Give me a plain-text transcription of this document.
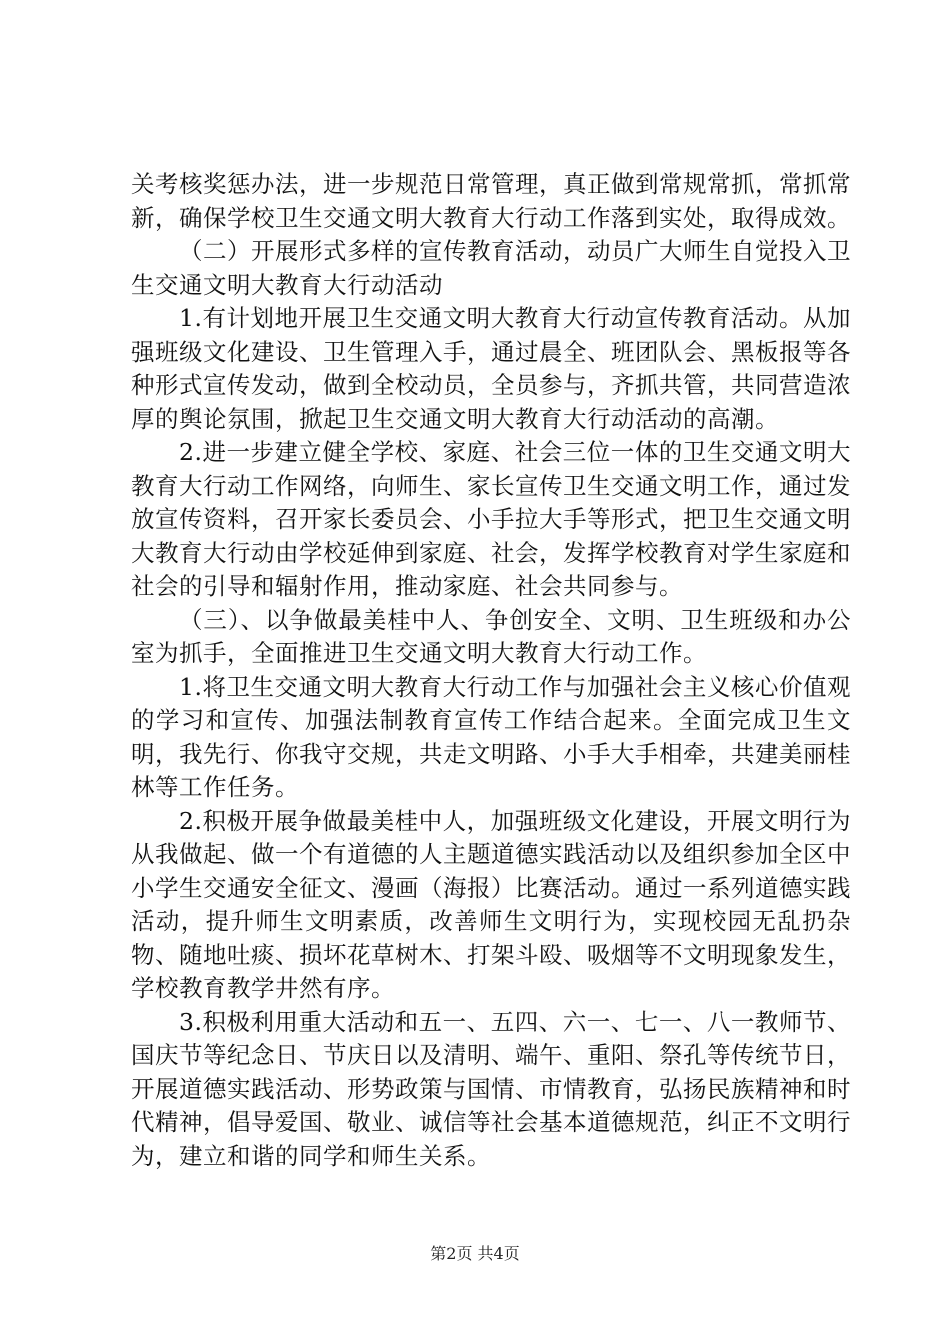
关考核奖惩办法，进一步规范日常管理，真正做到常规常抓，常抓常新，确保学校卫生交通文明大教育大行动工作落到实处，取得成效。

（二）开展形式多样的宣传教育活动，动员广大师生自觉投入卫生交通文明大教育大行动活动

1.有计划地开展卫生交通文明大教育大行动宣传教育活动。从加强班级文化建设、卫生管理入手，通过晨全、班团队会、黑板报等各种形式宣传发动，做到全校动员，全员参与，齐抓共管，共同营造浓厚的舆论氛围，掀起卫生交通文明大教育大行动活动的高潮。

2.进一步建立健全学校、家庭、社会三位一体的卫生交通文明大教育大行动工作网络，向师生、家长宣传卫生交通文明工作，通过发放宣传资料，召开家长委员会、小手拉大手等形式，把卫生交通文明大教育大行动由学校延伸到家庭、社会，发挥学校教育对学生家庭和社会的引导和辐射作用，推动家庭、社会共同参与。

（三）、以争做最美桂中人、争创安全、文明、卫生班级和办公室为抓手，全面推进卫生交通文明大教育大行动工作。

1.将卫生交通文明大教育大行动工作与加强社会主义核心价值观的学习和宣传、加强法制教育宣传工作结合起来。全面完成卫生文明，我先行、你我守交规，共走文明路、小手大手相牵，共建美丽桂林等工作任务。

2.积极开展争做最美桂中人，加强班级文化建设，开展文明行为从我做起、做一个有道德的人主题道德实践活动以及组织参加全区中小学生交通安全征文、漫画（海报）比赛活动。通过一系列道德实践活动，提升师生文明素质，改善师生文明行为，实现校园无乱扔杂物、随地吐痰、损坏花草树木、打架斗殴、吸烟等不文明现象发生，学校教育教学井然有序。

3.积极利用重大活动和五一、五四、六一、七一、八一教师节、国庆节等纪念日、节庆日以及清明、端午、重阳、祭孔等传统节日，开展道德实践活动、形势政策与国情、市情教育，弘扬民族精神和时代精神，倡导爱国、敬业、诚信等社会基本道德规范，纠正不文明行为，建立和谐的同学和师生关系。

第2页 共4页
